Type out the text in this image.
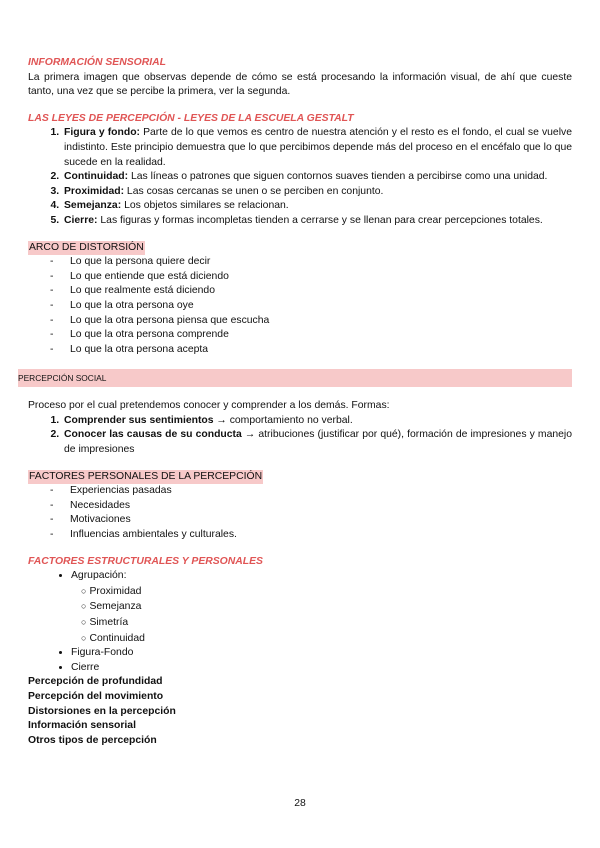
INFORMACIÓN SENSORIAL

La primera imagen que observas depende de cómo se está procesando la información visual, de ahí que cueste tanto, una vez que se percibe la primera, ver la segunda.

LAS LEYES DE PERCEPCIÓN - LEYES DE LA ESCUELA GESTALT

1. Figura y fondo: Parte de lo que vemos es centro de nuestra atención y el resto es el fondo, el cual se vuelve indistinto. Este principio demuestra que lo que percibimos depende más del proceso en el encéfalo que lo que sucede en la realidad.
2. Continuidad: Las líneas o patrones que siguen contornos suaves tienden a percibirse como una unidad.
3. Proximidad: Las cosas cercanas se unen o se perciben en conjunto.
4. Semejanza: Los objetos similares se relacionan.
5. Cierre: Las figuras y formas incompletas tienden a cerrarse y se llenan para crear percepciones totales.

ARCO DE DISTORSIÓN

- Lo que la persona quiere decir
- Lo que entiende que está diciendo
- Lo que realmente está diciendo
- Lo que la otra persona oye
- Lo que la otra persona piensa que escucha
- Lo que la otra persona comprende
- Lo que la otra persona acepta
PERCEPCIÓN SOCIAL

Proceso por el cual pretendemos conocer y comprender a los demás. Formas:

1. Comprender sus sentimientos → comportamiento no verbal.
2. Conocer las causas de su conducta → atribuciones (justificar por qué), formación de impresiones y manejo de impresiones

FACTORES PERSONALES DE LA PERCEPCIÓN

- Experiencias pasadas
- Necesidades
- Motivaciones
- Influencias ambientales y culturales.

FACTORES ESTRUCTURALES Y PERSONALES

• Agrupación:
○ Proximidad
○ Semejanza
○ Simetría
○ Continuidad
• Figura-Fondo
• Cierre

Percepción de profundidad

Percepción del movimiento

Distorsiones en la percepción

Información sensorial

Otros tipos de percepción

28
